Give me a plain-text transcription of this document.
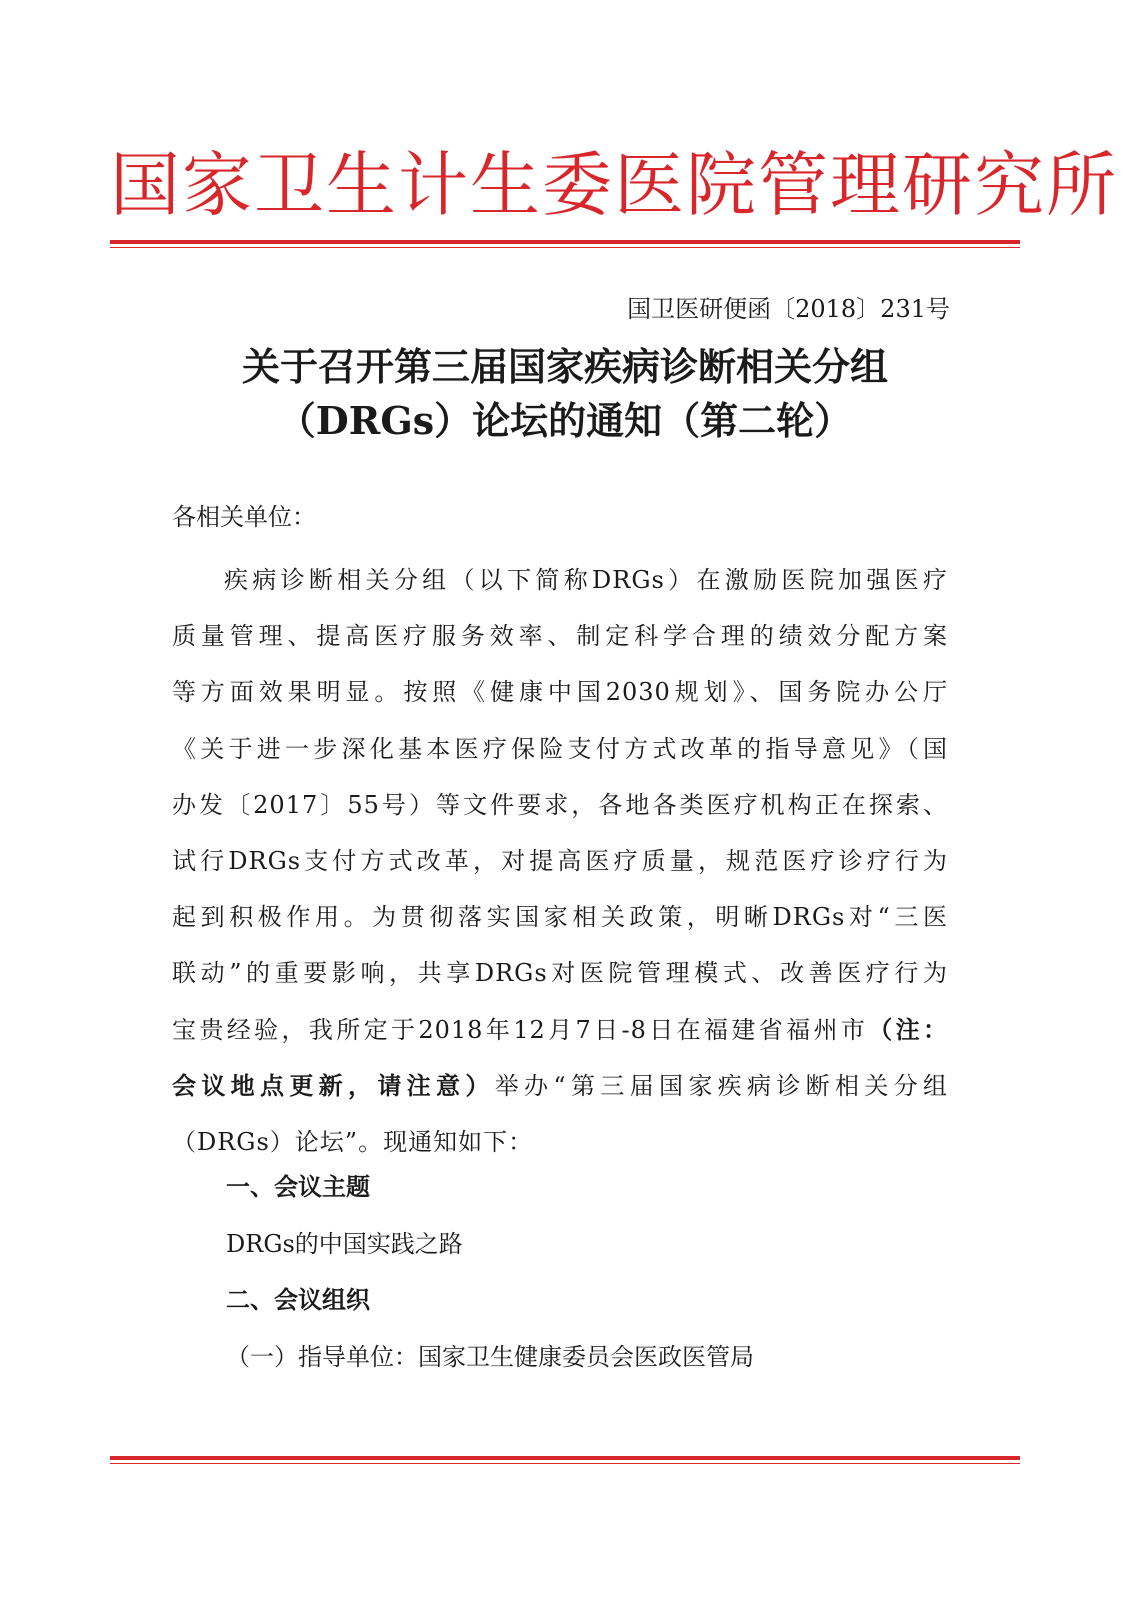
国家卫生计生委医院管理研究所
国卫医研便函〔2018〕231号
关于召开第三届国家疾病诊断相关分组
（DRGs）论坛的通知（第二轮）
各相关单位：
疾病诊断相关分组（以下简称DRGs）在激励医院加强医疗
质量管理、提高医疗服务效率、制定科学合理的绩效分配方案
等方面效果明显。按照《健康中国2030规划》、国务院办公厅
《关于进一步深化基本医疗保险支付方式改革的指导意见》（国
办发〔2017〕55号）等文件要求，各地各类医疗机构正在探索、
试行DRGs支付方式改革，对提高医疗质量，规范医疗诊疗行为
起到积极作用。为贯彻落实国家相关政策，明晰DRGs对“三医
联动”的重要影响，共享DRGs对医院管理模式、改善医疗行为
宝贵经验，我所定于2018年12月7日-8日在福建省福州市（注：
会议地点更新，请注意）举办“第三届国家疾病诊断相关分组
（DRGs）论坛”。现通知如下：
一、会议主题
DRGs的中国实践之路
二、会议组织
（一）指导单位：国家卫生健康委员会医政医管局
